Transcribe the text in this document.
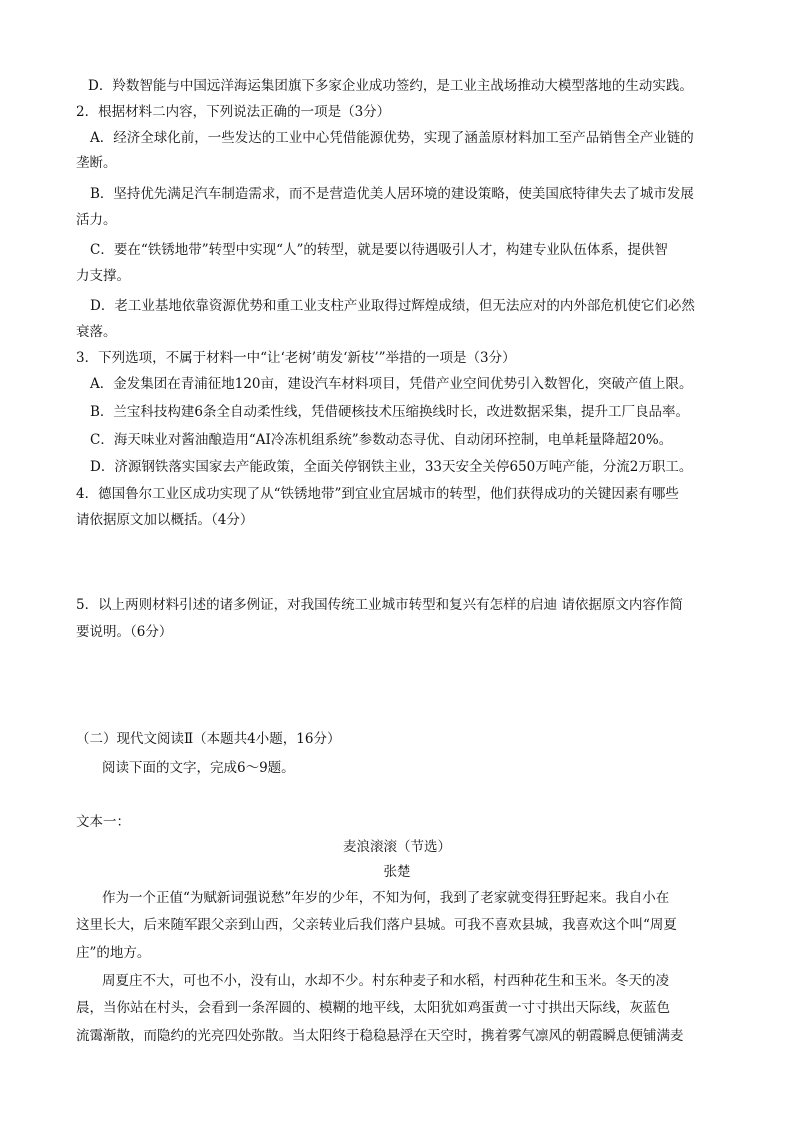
D．羚数智能与中国远洋海运集团旗下多家企业成功签约，是工业主战场推动大模型落地的生动实践。
2．根据材料二内容，下列说法正确的一项是（3分）
A．经济全球化前，一些发达的工业中心凭借能源优势，实现了涵盖原材料加工至产品销售全产业链的
垄断。
B．坚持优先满足汽车制造需求，而不是营造优美人居环境的建设策略，使美国底特律失去了城市发展
活力。
C．要在“铁锈地带”转型中实现“人”的转型，就是要以待遇吸引人才，构建专业队伍体系，提供智
力支撑。
D．老工业基地依靠资源优势和重工业支柱产业取得过辉煌成绩，但无法应对的内外部危机使它们必然
衰落。
3．下列选项，不属于材料一中“让‘老树’萌发‘新枝’”举措的一项是（3分）
A．金发集团在青浦征地120亩，建设汽车材料项目，凭借产业空间优势引入数智化，突破产值上限。
B．兰宝科技构建6条全自动柔性线，凭借硬核技术压缩换线时长，改进数据采集，提升工厂良品率。
C．海天味业对酱油酿造用“AI冷冻机组系统”参数动态寻优、自动闭环控制，电单耗量降超20%。
D．济源钢铁落实国家去产能政策，全面关停钢铁主业，33天安全关停650万吨产能，分流2万职工。
4．德国鲁尔工业区成功实现了从“铁锈地带”到宜业宜居城市的转型，他们获得成功的关键因素有哪些
请依据原文加以概括。（4分）
5．以上两则材料引述的诸多例证，对我国传统工业城市转型和复兴有怎样的启迪 请依据原文内容作简
要说明。（6分）
（二）现代文阅读Ⅱ（本题共4小题，16分）
阅读下面的文字，完成6～9题。
文本一：
麦浪滚滚（节选）
张楚
作为一个正值“为赋新词强说愁”年岁的少年，不知为何，我到了老家就变得狂野起来。我自小在
这里长大，后来随军跟父亲到山西，父亲转业后我们落户县城。可我不喜欢县城，我喜欢这个叫“周夏
庄”的地方。
周夏庄不大，可也不小，没有山，水却不少。村东种麦子和水稻，村西种花生和玉米。冬天的凌
晨，当你站在村头，会看到一条浑圆的、模糊的地平线，太阳犹如鸡蛋黄一寸寸拱出天际线，灰蓝色
流霭渐散，而隐约的光亮四处弥散。当太阳终于稳稳悬浮在天空时，携着雾气凛风的朝霞瞬息便铺满麦
